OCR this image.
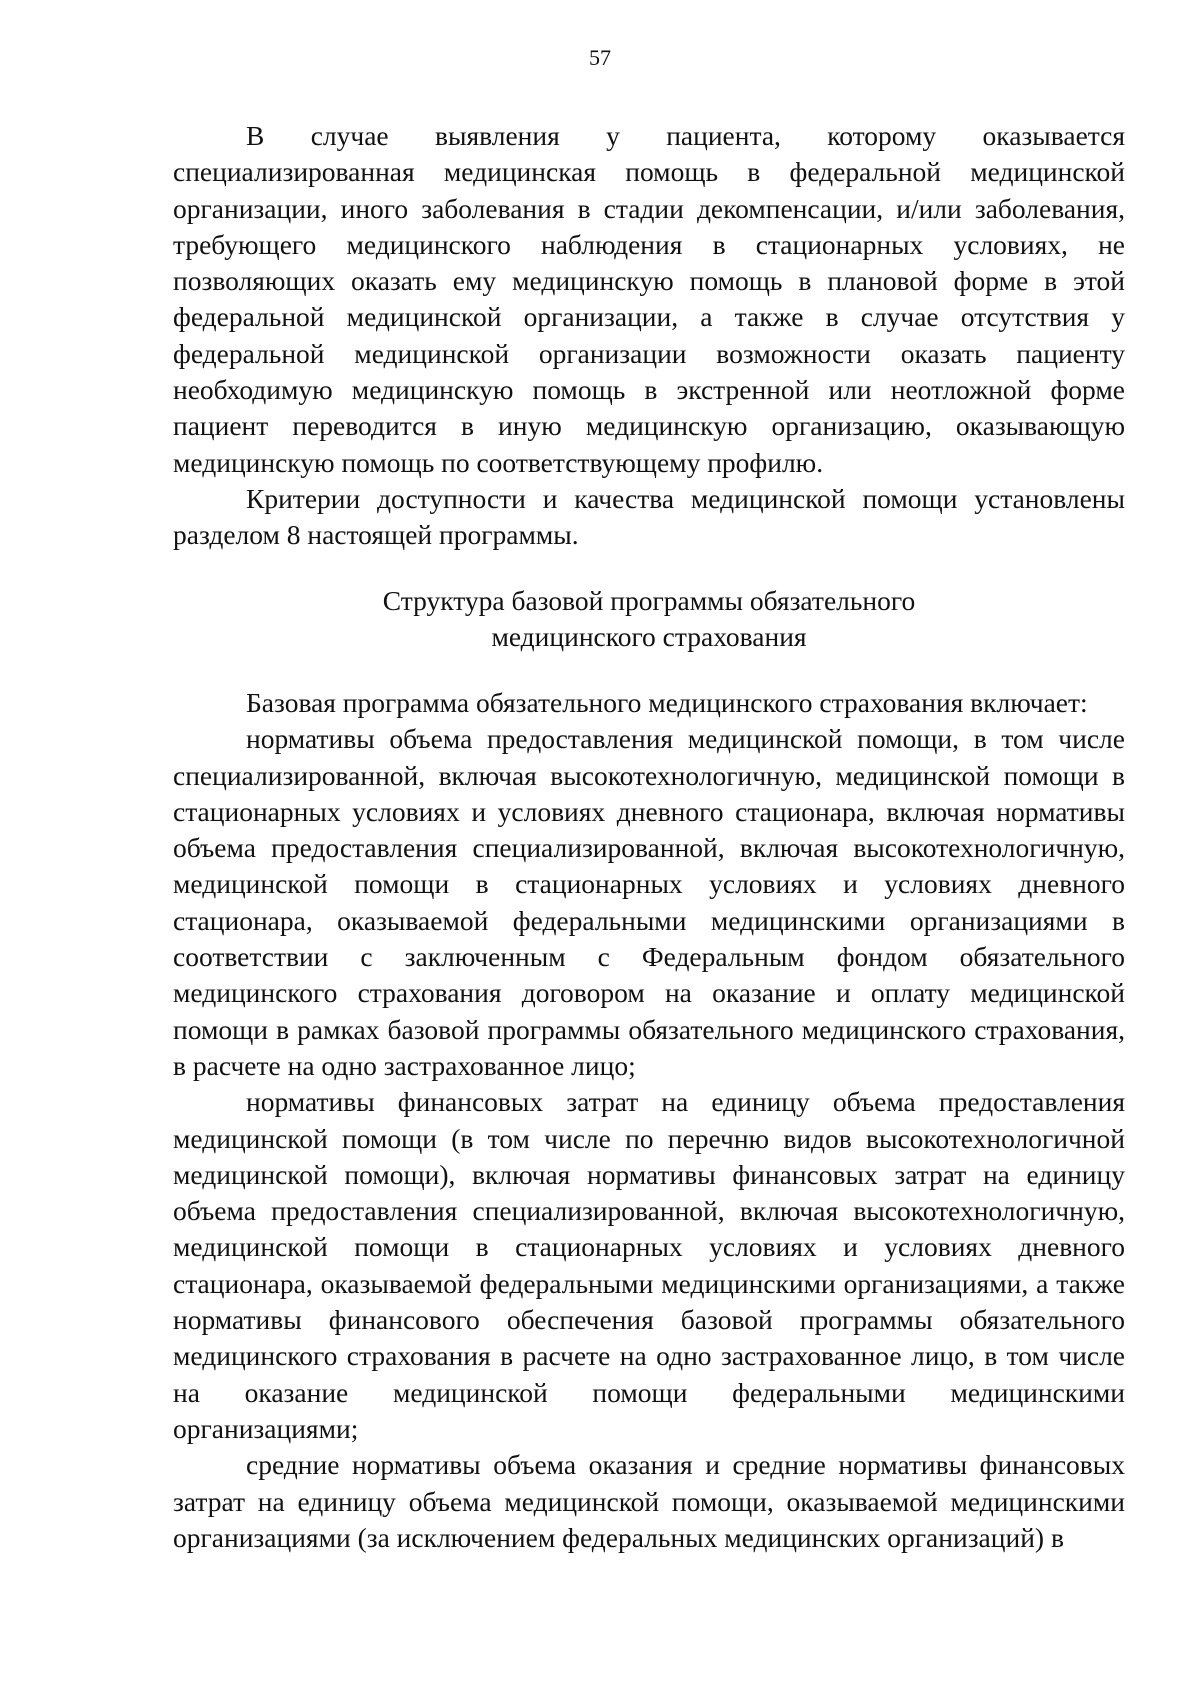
57

В случае выявления у пациента, которому оказывается специализированная медицинская помощь в федеральной медицинской организации, иного заболевания в стадии декомпенсации, и/или заболевания, требующего медицинского наблюдения в стационарных условиях, не позволяющих оказать ему медицинскую помощь в плановой форме в этой федеральной медицинской организации, а также в случае отсутствия у федеральной медицинской организации возможности оказать пациенту необходимую медицинскую помощь в экстренной или неотложной форме пациент переводится в иную медицинскую организацию, оказывающую медицинскую помощь по соответствующему профилю.

Критерии доступности и качества медицинской помощи установлены разделом 8 настоящей программы.

Структура базовой программы обязательного
медицинского страхования

Базовая программа обязательного медицинского страхования включает:

нормативы объема предоставления медицинской помощи, в том числе специализированной, включая высокотехнологичную, медицинской помощи в стационарных условиях и условиях дневного стационара, включая нормативы объема предоставления специализированной, включая высокотехнологичную, медицинской помощи в стационарных условиях и условиях дневного стационара, оказываемой федеральными медицинскими организациями в соответствии с заключенным с Федеральным фондом обязательного медицинского страхования договором на оказание и оплату медицинской помощи в рамках базовой программы обязательного медицинского страхования, в расчете на одно застрахованное лицо;

нормативы финансовых затрат на единицу объема предоставления медицинской помощи (в том числе по перечню видов высокотехнологичной медицинской помощи), включая нормативы финансовых затрат на единицу объема предоставления специализированной, включая высокотехнологичную, медицинской помощи в стационарных условиях и условиях дневного стационара, оказываемой федеральными медицинскими организациями, а также нормативы финансового обеспечения базовой программы обязательного медицинского страхования в расчете на одно застрахованное лицо, в том числе на оказание медицинской помощи федеральными медицинскими организациями;

средние нормативы объема оказания и средние нормативы финансовых затрат на единицу объема медицинской помощи, оказываемой медицинскими организациями (за исключением федеральных медицинских организаций) в
